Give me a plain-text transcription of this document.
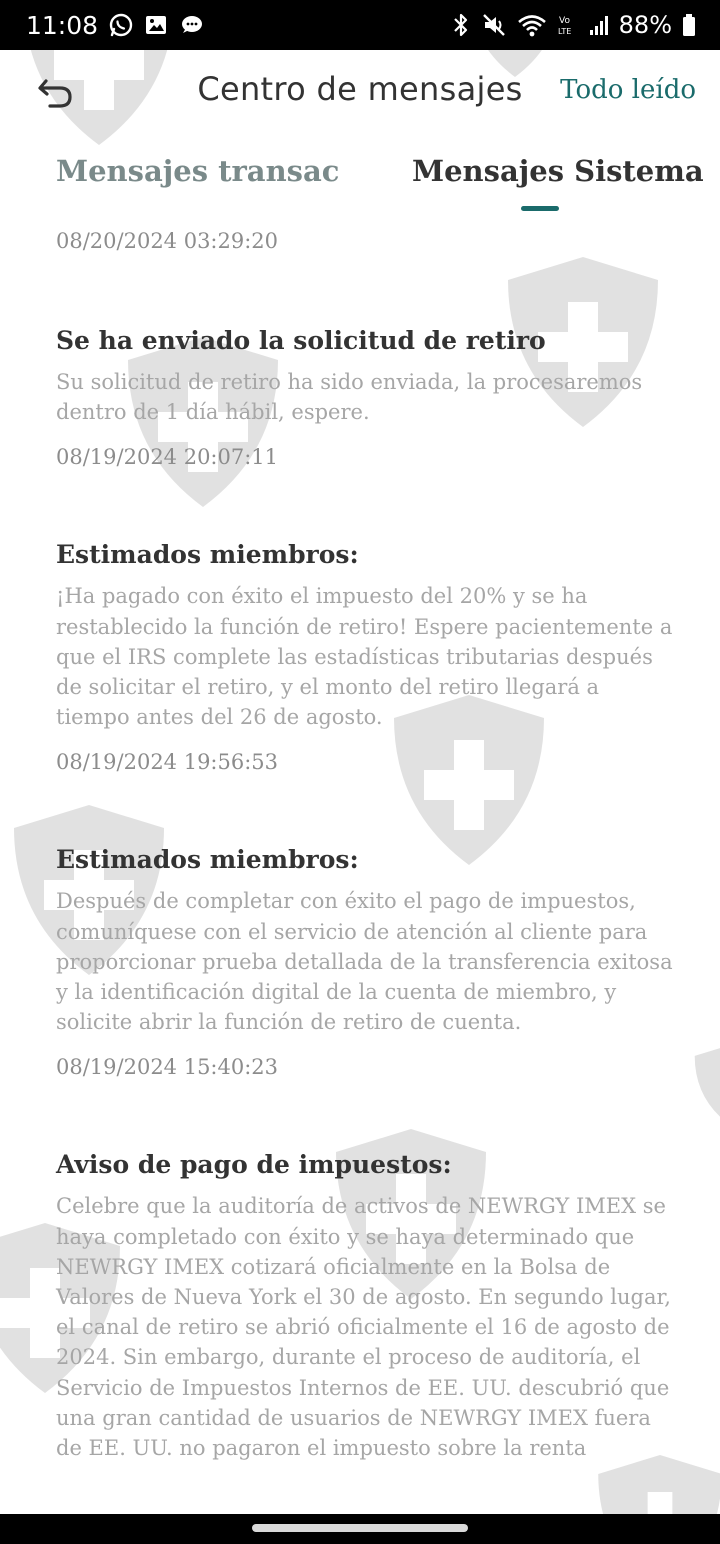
11:08	Vo
LTE 88%
Centro de mensajes	Todo leído
Mensajes transac	Mensajes Sistema
08/20/2024 03:29:20
Se ha enviado la solicitud de retiro
Su solicitud de retiro ha sido enviada, la procesaremos dentro de 1 día hábil, espere.
08/19/2024 20:07:11
Estimados miembros:
¡Ha pagado con éxito el impuesto del 20% y se ha restablecido la función de retiro! Espere pacientemente a que el IRS complete las estadísticas tributarias después de solicitar el retiro, y el monto del retiro llegará a tiempo antes del 26 de agosto.
08/19/2024 19:56:53
Estimados miembros:
Después de completar con éxito el pago de impuestos, comuníquese con el servicio de atención al cliente para proporcionar prueba detallada de la transferencia exitosa y la identificación digital de la cuenta de miembro, y solicite abrir la función de retiro de cuenta.
08/19/2024 15:40:23
Aviso de pago de impuestos:
Celebre que la auditoría de activos de NEWRGY IMEX se haya completado con éxito y se haya determinado que NEWRGY IMEX cotizará oficialmente en la Bolsa de Valores de Nueva York el 30 de agosto. En segundo lugar, el canal de retiro se abrió oficialmente el 16 de agosto de 2024. Sin embargo, durante el proceso de auditoría, el Servicio de Impuestos Internos de EE. UU. descubrió que una gran cantidad de usuarios de NEWRGY IMEX fuera de EE. UU. no pagaron el impuesto sobre la renta
